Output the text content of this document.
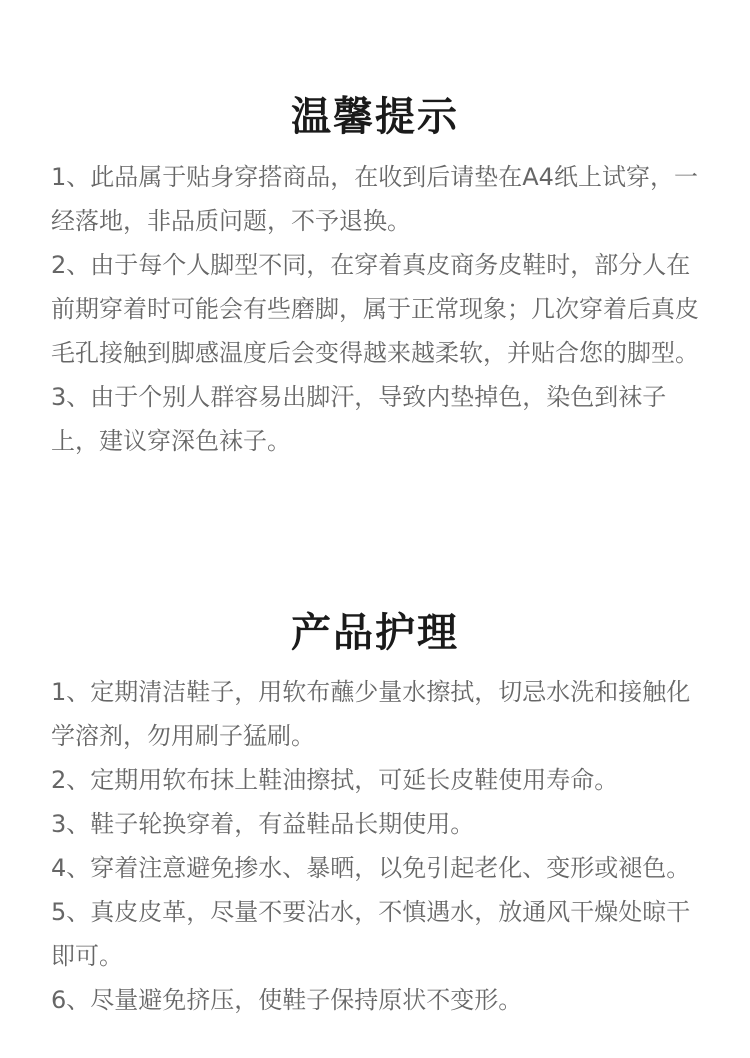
温馨提示
1、此品属于贴身穿搭商品，在收到后请垫在A4纸上试穿，一经落地，非品质问题，不予退换。
2、由于每个人脚型不同，在穿着真皮商务皮鞋时，部分人在前期穿着时可能会有些磨脚，属于正常现象；几次穿着后真皮毛孔接触到脚感温度后会变得越来越柔软，并贴合您的脚型。
3、由于个别人群容易出脚汗，导致内垫掉色，染色到袜子上，建议穿深色袜子。
产品护理
1、定期清洁鞋子，用软布蘸少量水擦拭，切忌水洗和接触化学溶剂，勿用刷子猛刷。
2、定期用软布抹上鞋油擦拭，可延长皮鞋使用寿命。
3、鞋子轮换穿着，有益鞋品长期使用。
4、穿着注意避免掺水、暴晒，以免引起老化、变形或褪色。
5、真皮皮革，尽量不要沾水，不慎遇水，放通风干燥处晾干即可。
6、尽量避免挤压，使鞋子保持原状不变形。
